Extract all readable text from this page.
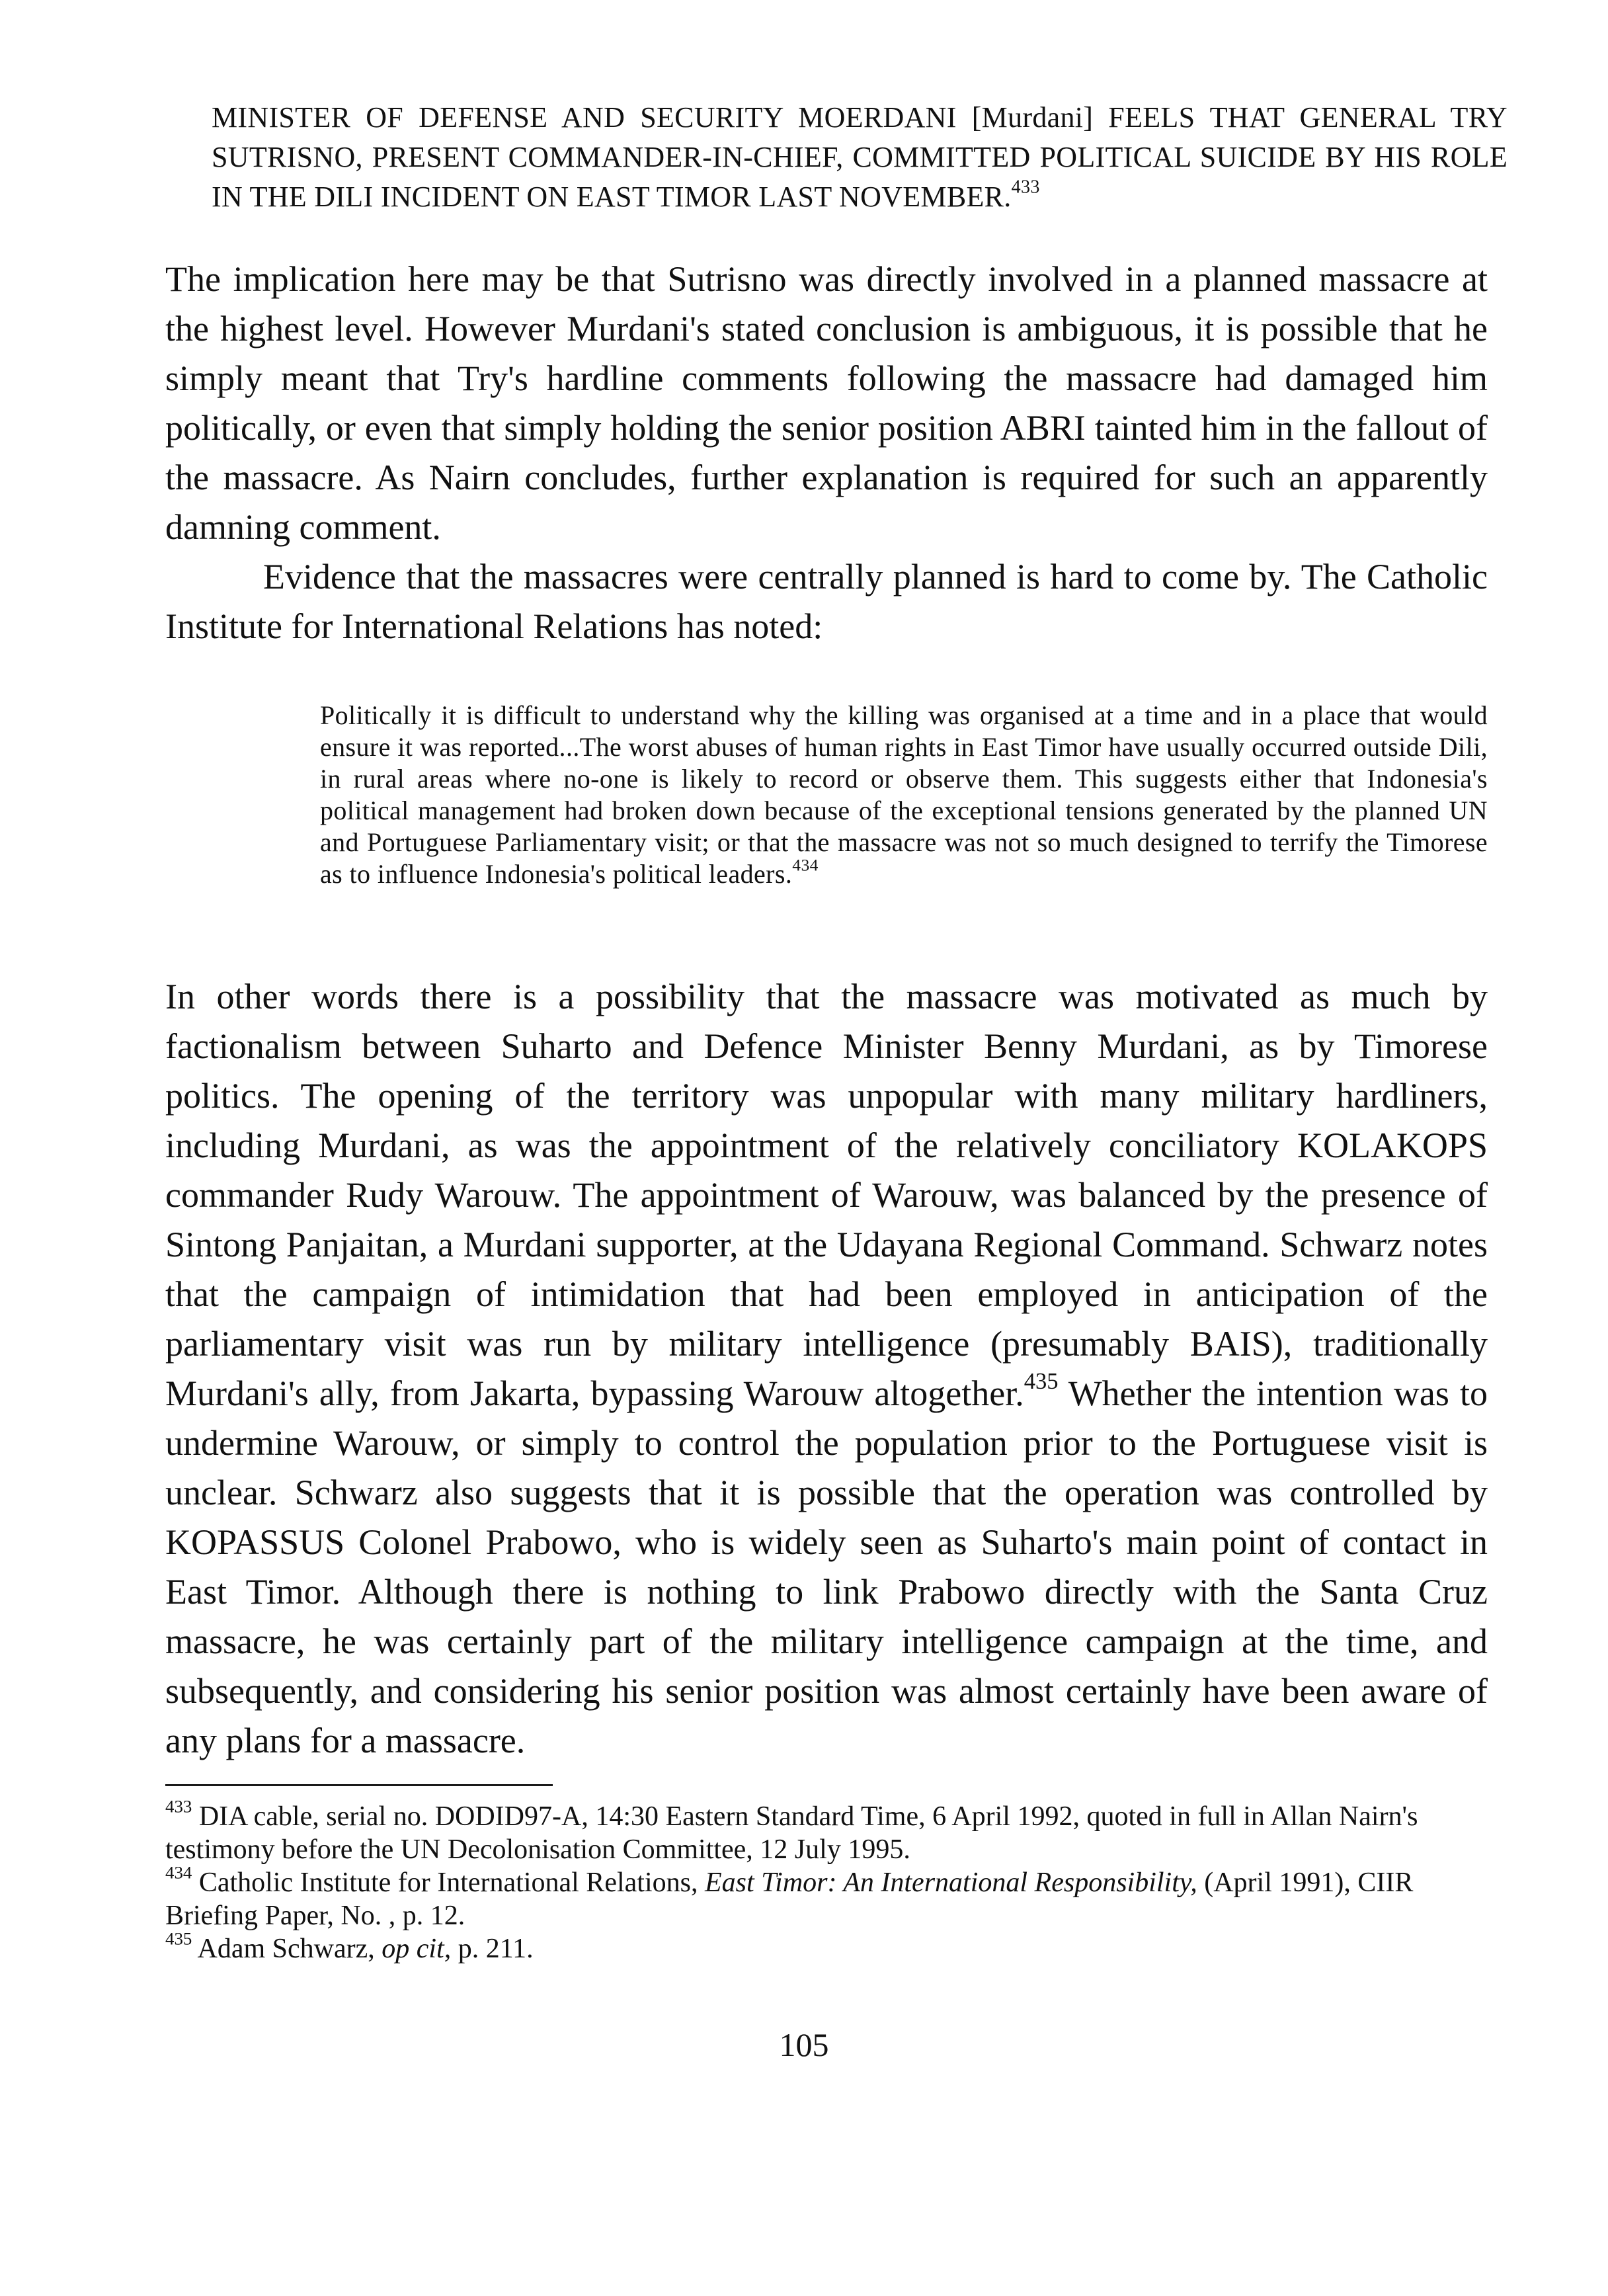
MINISTER OF DEFENSE AND SECURITY MOERDANI [Murdani] FEELS THAT GENERAL TRY SUTRISNO, PRESENT COMMANDER-IN-CHIEF, COMMITTED POLITICAL SUICIDE BY HIS ROLE IN THE DILI INCIDENT ON EAST TIMOR LAST NOVEMBER.$^{433}$

The implication here may be that Sutrisno was directly involved in a planned massacre at the highest level. However Murdani's stated conclusion is ambiguous, it is possible that he simply meant that Try's hardline comments following the massacre had damaged him politically, or even that simply holding the senior position ABRI tainted him in the fallout of the massacre. As Nairn concludes, further explanation is required for such an apparently damning comment.

Evidence that the massacres were centrally planned is hard to come by. The Catholic Institute for International Relations has noted:

Politically it is difficult to understand why the killing was organised at a time and in a place that would ensure it was reported...The worst abuses of human rights in East Timor have usually occurred outside Dili, in rural areas where no-one is likely to record or observe them. This suggests either that Indonesia's political management had broken down because of the exceptional tensions generated by the planned UN and Portuguese Parliamentary visit; or that the massacre was not so much designed to terrify the Timorese as to influence Indonesia's political leaders.$^{434}$

In other words there is a possibility that the massacre was motivated as much by factionalism between Suharto and Defence Minister Benny Murdani, as by Timorese politics. The opening of the territory was unpopular with many military hardliners, including Murdani, as was the appointment of the relatively conciliatory KOLAKOPS commander Rudy Warouw. The appointment of Warouw, was balanced by the presence of Sintong Panjaitan, a Murdani supporter, at the Udayana Regional Command. Schwarz notes that the campaign of intimidation that had been employed in anticipation of the parliamentary visit was run by military intelligence (presumably BAIS), traditionally Murdani's ally, from Jakarta, bypassing Warouw altogether.$^{435}$ Whether the intention was to undermine Warouw, or simply to control the population prior to the Portuguese visit is unclear. Schwarz also suggests that it is possible that the operation was controlled by KOPASSUS Colonel Prabowo, who is widely seen as Suharto's main point of contact in East Timor. Although there is nothing to link Prabowo directly with the Santa Cruz massacre, he was certainly part of the military intelligence campaign at the time, and subsequently, and considering his senior position was almost certainly have been aware of any plans for a massacre.

$^{433}$ DIA cable, serial no. DODID97-A, 14:30 Eastern Standard Time, 6 April 1992, quoted in full in Allan Nairn's testimony before the UN Decolonisation Committee, 12 July 1995.

$^{434}$ Catholic Institute for International Relations, East Timor: An International Responsibility, (April 1991), CIIR Briefing Paper, No. , p. 12.

$^{435}$ Adam Schwarz, op cit, p. 211.

105
